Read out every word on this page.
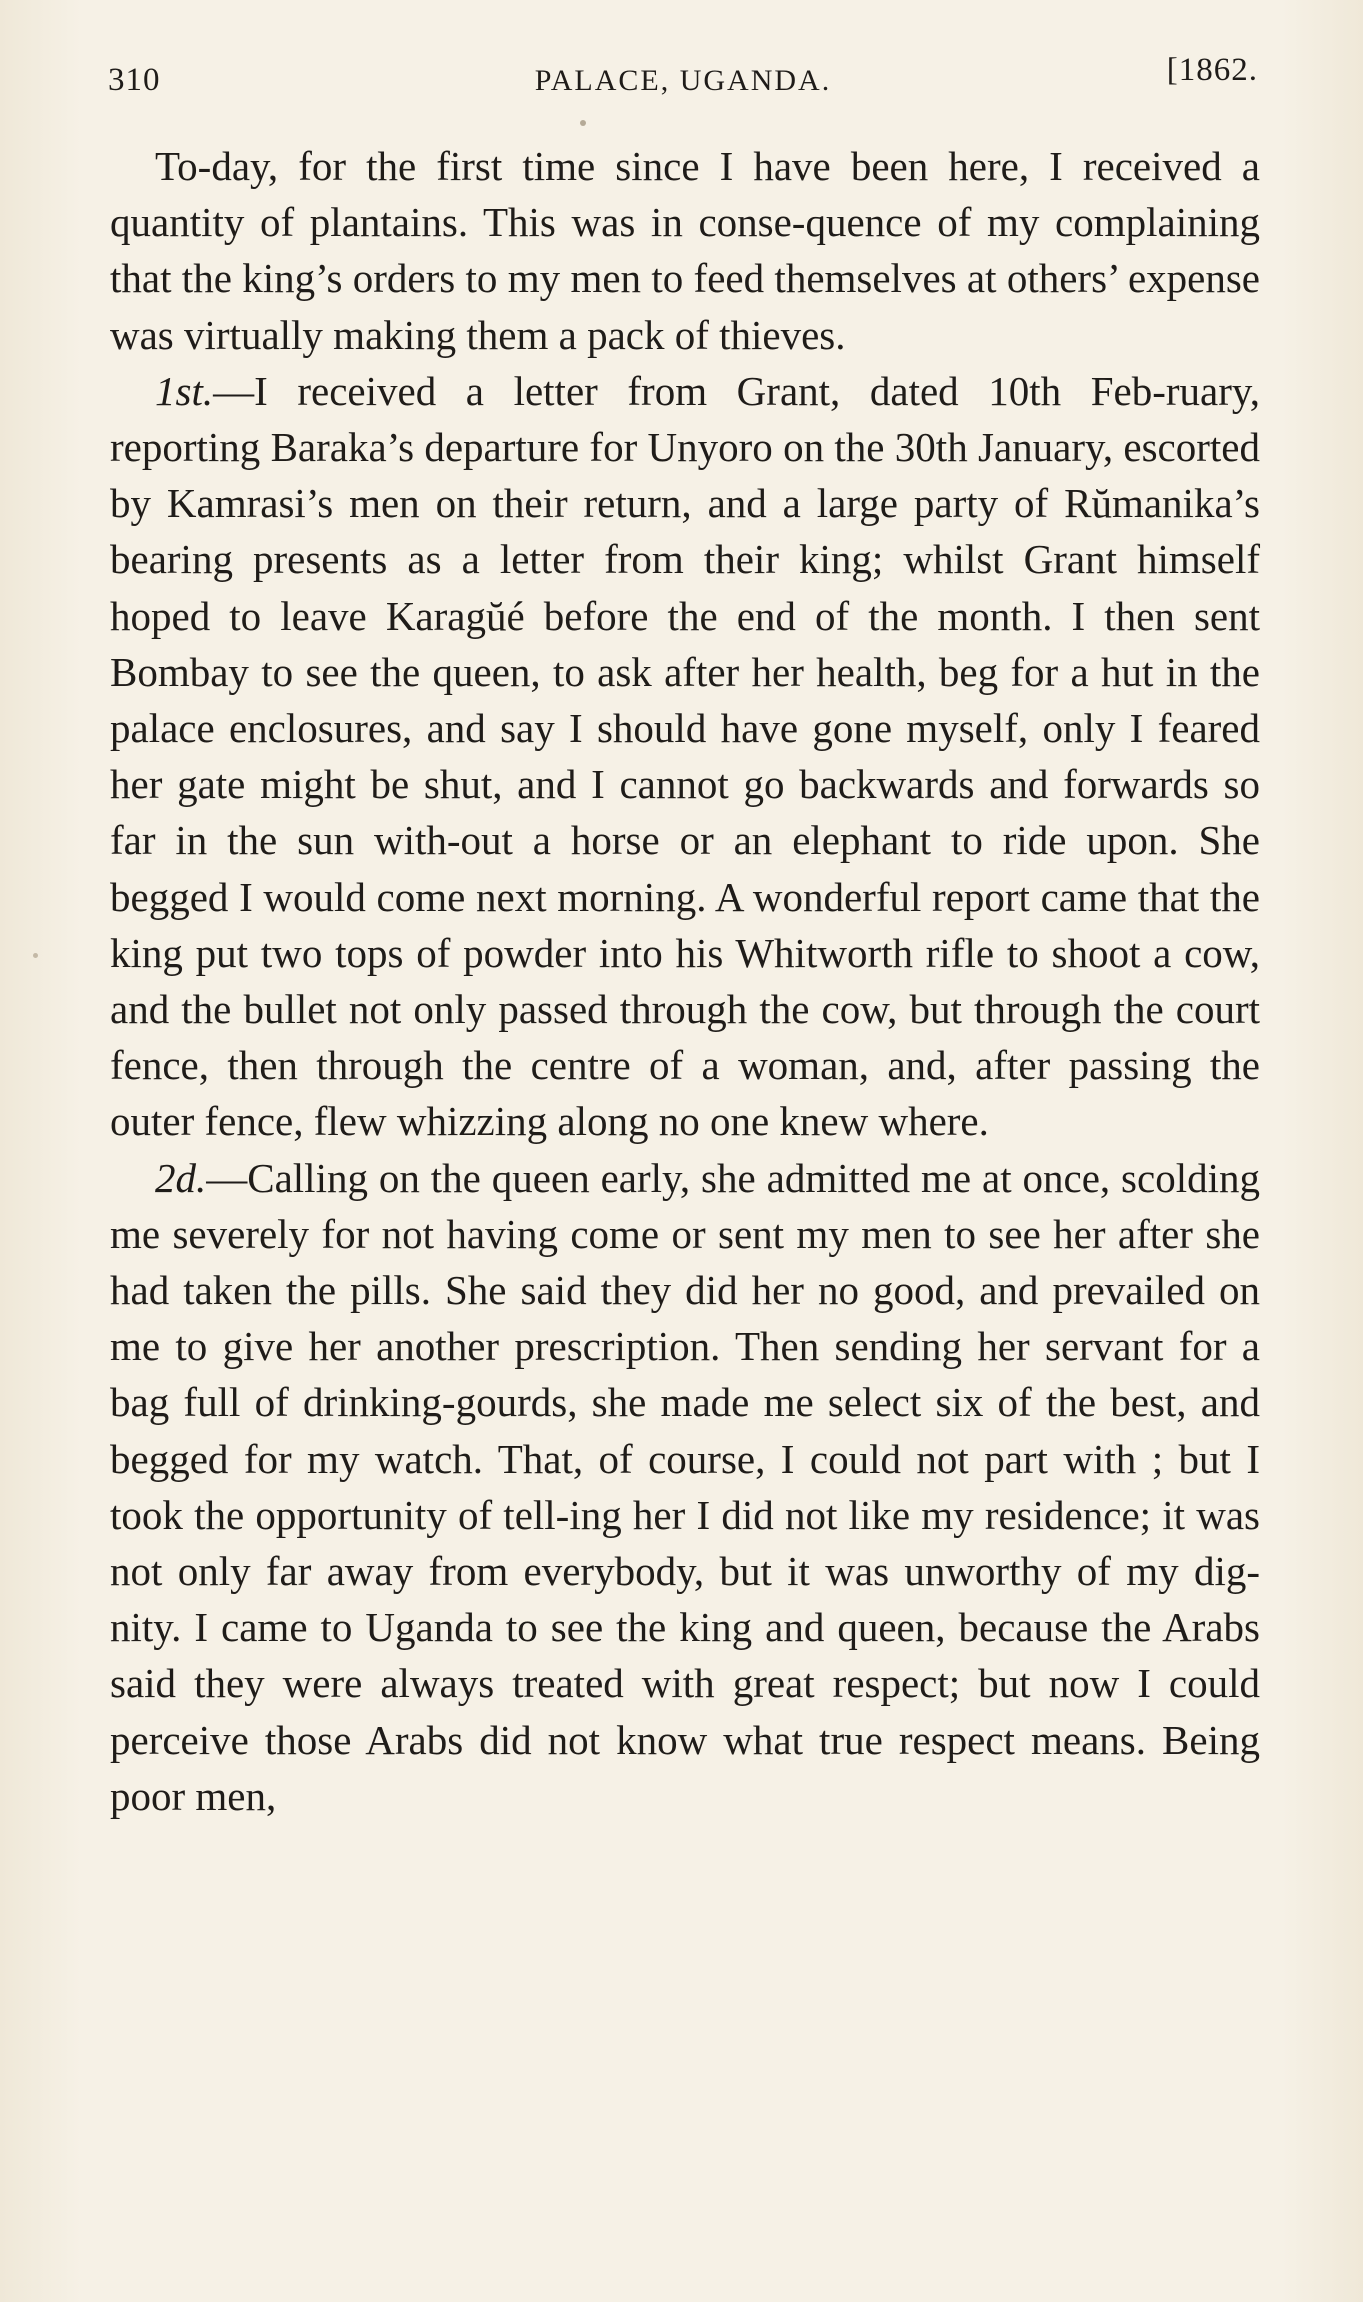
310	PALACE, UGANDA.	[1862.

To-day, for the first time since I have been here, I received a quantity of plantains. This was in conse-quence of my complaining that the king’s orders to my men to feed themselves at others’ expense was virtually making them a pack of thieves.

1st.—I received a letter from Grant, dated 10th Feb-ruary, reporting Baraka’s departure for Unyoro on the 30th January, escorted by Kamrasi’s men on their return, and a large party of Rŭmanika’s bearing presents as a letter from their king; whilst Grant himself hoped to leave Karagŭé before the end of the month. I then sent Bombay to see the queen, to ask after her health, beg for a hut in the palace enclosures, and say I should have gone myself, only I feared her gate might be shut, and I cannot go backwards and forwards so far in the sun with-out a horse or an elephant to ride upon. She begged I would come next morning. A wonderful report came that the king put two tops of powder into his Whitworth rifle to shoot a cow, and the bullet not only passed through the cow, but through the court fence, then through the centre of a woman, and, after passing the outer fence, flew whizzing along no one knew where.

2d.—Calling on the queen early, she admitted me at once, scolding me severely for not having come or sent my men to see her after she had taken the pills. She said they did her no good, and prevailed on me to give her another prescription. Then sending her servant for a bag full of drinking-gourds, she made me select six of the best, and begged for my watch. That, of course, I could not part with ; but I took the opportunity of tell-ing her I did not like my residence; it was not only far away from everybody, but it was unworthy of my dig-nity. I came to Uganda to see the king and queen, because the Arabs said they were always treated with great respect; but now I could perceive those Arabs did not know what true respect means. Being poor men,
